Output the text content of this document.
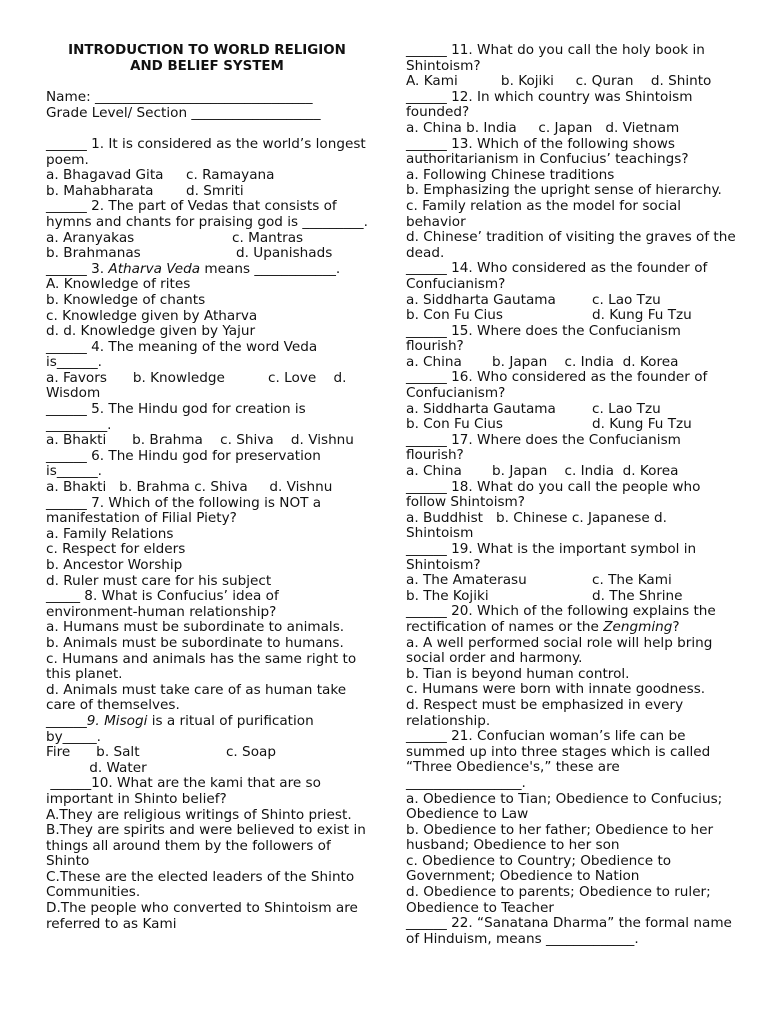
INTRODUCTION TO WORLD RELIGION
AND BELIEF SYSTEM

Name: ________________________________

Grade Level/ Section ___________________

______ 1. It is considered as the world’s longest poem.

a. Bhagavad Gita	c. Ramayana
b. Mahabharata	d. Smriti

______ 2. The part of Vedas that consists of hymns and chants for praising god is _________.

a. Aranyakas	c. Mantras
b. Brahmanas	d. Upanishads

______ 3. Atharva Veda means ____________.

A. Knowledge of rites

b. Knowledge of chants

c. Knowledge given by Atharva

d. d. Knowledge given by Yajur

______ 4. The meaning of the word Veda is______.

a. Favors      b. Knowledge          c. Love    d. Wisdom

______ 5. The Hindu god for creation is _________.

a. Bhakti      b. Brahma    c. Shiva    d. Vishnu

______ 6. The Hindu god for preservation is______.

a. Bhakti   b. Brahma c. Shiva     d. Vishnu

______ 7. Which of the following is NOT a manifestation of Filial Piety?

a. Family Relations

c. Respect for elders

b. Ancestor Worship

d. Ruler must care for his subject

_____ 8. What is Confucius’ idea of environment-human relationship?

a. Humans must be subordinate to animals.

b. Animals must be subordinate to humans.

c. Humans and animals has the same right to this planet.

d. Animals must take care of as human take care of themselves.

______9. Misogi is a ritual of purification by_____.

Fire      b. Salt                    c. Soap

d. Water

______10. What are the kami that are so important in Shinto belief?

A.They are religious writings of Shinto priest.

B.They are spirits and were believed to exist in things all around them by the followers of Shinto

C.These are the elected leaders of the Shinto Communities.

D.The people who converted to Shintoism are referred to as Kami

______ 11. What do you call the holy book in Shintoism?

A. Kami          b. Kojiki     c. Quran    d. Shinto

______ 12. In which country was Shintoism founded?

a. China b. India     c. Japan   d. Vietnam

______ 13. Which of the following shows authoritarianism in Confucius’ teachings?

a. Following Chinese traditions

b. Emphasizing the upright sense of hierarchy.

c. Family relation as the model for social behavior

d. Chinese’ tradition of visiting the graves of the dead.

______ 14. Who considered as the founder of Confucianism?

a. Siddharta Gautama	c. Lao Tzu
b. Con Fu Cius	d. Kung Fu Tzu

______ 15. Where does the Confucianism flourish?

a. China       b. Japan    c. India  d. Korea

______ 16. Who considered as the founder of Confucianism?

a. Siddharta Gautama	c. Lao Tzu
b. Con Fu Cius	d. Kung Fu Tzu

______ 17. Where does the Confucianism flourish?

a. China       b. Japan    c. India  d. Korea

______ 18. What do you call the people who follow Shintoism?

a. Buddhist   b. Chinese c. Japanese d. Shintoism

______ 19. What is the important symbol in Shintoism?

a. The Amaterasu	c. The Kami
b. The Kojiki	d. The Shrine

______ 20. Which of the following explains the rectification of names or the Zengming?

a. A well performed social role will help bring social order and harmony.

b. Tian is beyond human control.

c. Humans were born with innate goodness.

d. Respect must be emphasized in every relationship.

______ 21. Confucian woman’s life can be summed up into three stages which is called “Three Obedience's,” these are _________________.

a. Obedience to Tian; Obedience to Confucius; Obedience to Law

b. Obedience to her father; Obedience to her husband; Obedience to her son

c. Obedience to Country; Obedience to Government; Obedience to Nation

d. Obedience to parents; Obedience to ruler; Obedience to Teacher

______ 22. “Sanatana Dharma” the formal name of Hinduism, means _____________.
